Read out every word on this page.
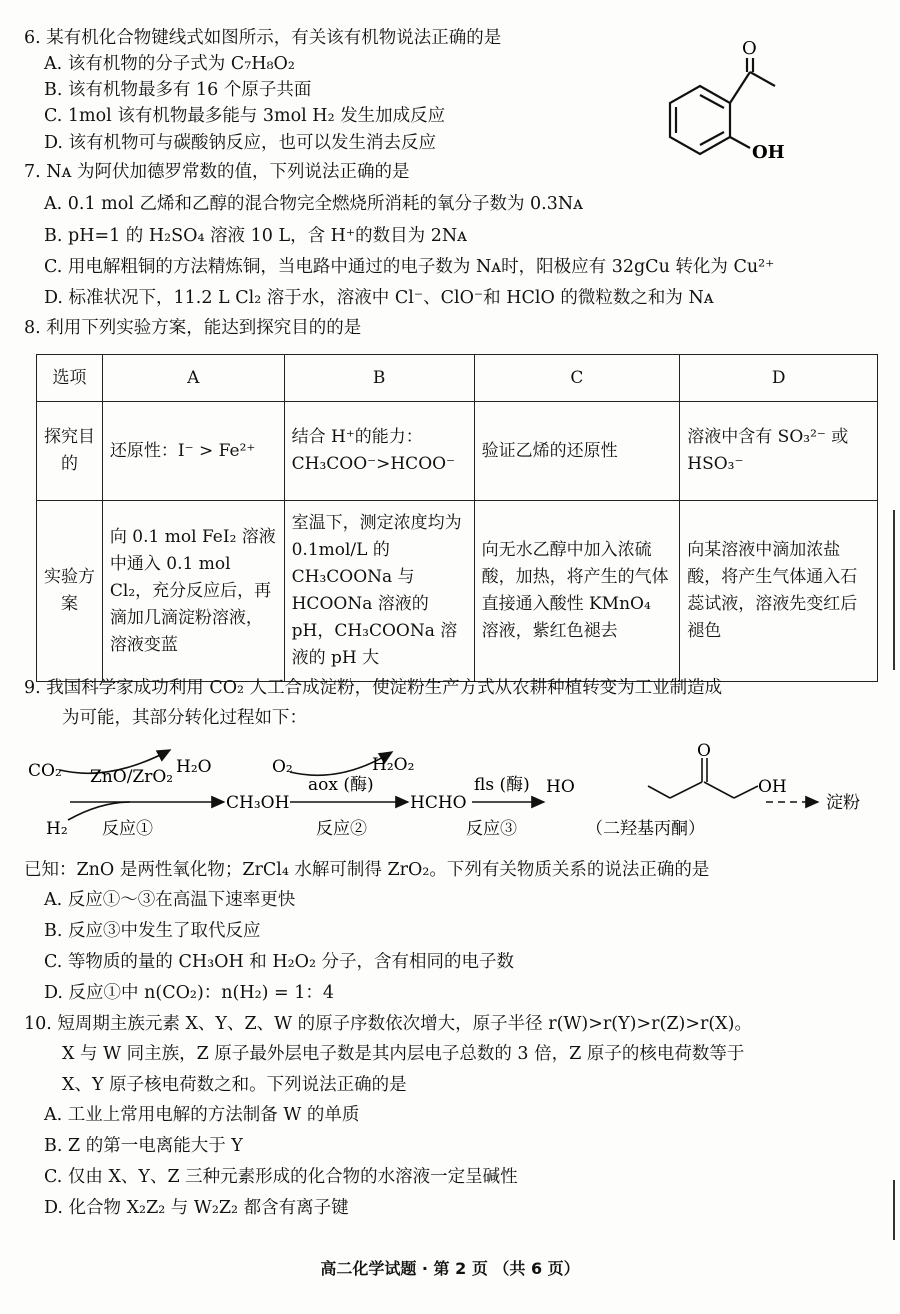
6. 某有机化合物键线式如图所示，有关该有机物说法正确的是
A. 该有机物的分子式为 C₇H₈O₂
B. 该有机物最多有 16 个原子共面
C. 1mol 该有机物最多能与 3mol H₂ 发生加成反应
D. 该有机物可与碳酸钠反应，也可以发生消去反应
O
OH
7. Nᴀ 为阿伏加德罗常数的值，下列说法正确的是
A. 0.1 mol 乙烯和乙醇的混合物完全燃烧所消耗的氧分子数为 0.3Nᴀ
B. pH=1 的 H₂SO₄ 溶液 10 L，含 H⁺的数目为 2Nᴀ
C. 用电解粗铜的方法精炼铜，当电路中通过的电子数为 Nᴀ时，阳极应有 32gCu 转化为 Cu²⁺
D. 标准状况下，11.2 L Cl₂ 溶于水，溶液中 Cl⁻、ClO⁻和 HClO 的微粒数之和为 Nᴀ
8. 利用下列实验方案，能达到探究目的的是
选项	A	B	C	D
探究目的	还原性：I⁻ > Fe²⁺	结合 H⁺的能力：CH₃COO⁻>HCOO⁻	验证乙烯的还原性	溶液中含有 SO₃²⁻ 或 HSO₃⁻
实验方案	向 0.1 mol FeI₂ 溶液中通入 0.1 mol Cl₂，充分反应后，再滴加几滴淀粉溶液，溶液变蓝	室温下，测定浓度均为 0.1mol/L 的 CH₃COONa 与 HCOONa 溶液的 pH，CH₃COONa 溶液的 pH 大	向无水乙醇中加入浓硫酸，加热，将产生的气体直接通入酸性 KMnO₄ 溶液，紫红色褪去	向某溶液中滴加浓盐酸，将产生气体通入石蕊试液，溶液先变红后褪色
9. 我国科学家成功利用 CO₂ 人工合成淀粉，使淀粉生产方式从农耕种植转变为工业制造成
为可能，其部分转化过程如下：
CO₂
H₂
ZnO/ZrO₂ H₂O
反应①
CH₃OH
O₂
aox (酶)
H₂O₂
反应②
HCHO
fls (酶)
反应③
HO
O
OH
（二羟基丙酮）
淀粉
已知：ZnO 是两性氧化物；ZrCl₄ 水解可制得 ZrO₂。下列有关物质关系的说法正确的是
A. 反应①～③在高温下速率更快
B. 反应③中发生了取代反应
C. 等物质的量的 CH₃OH 和 H₂O₂ 分子，含有相同的电子数
D. 反应①中 n(CO₂)：n(H₂) = 1：4
10. 短周期主族元素 X、Y、Z、W 的原子序数依次增大，原子半径 r(W)>r(Y)>r(Z)>r(X)。
X 与 W 同主族，Z 原子最外层电子数是其内层电子总数的 3 倍，Z 原子的核电荷数等于
X、Y 原子核电荷数之和。下列说法正确的是
A. 工业上常用电解的方法制备 W 的单质
B. Z 的第一电离能大于 Y
C. 仅由 X、Y、Z 三种元素形成的化合物的水溶液一定呈碱性
D. 化合物 X₂Z₂ 与 W₂Z₂ 都含有离子键
高二化学试题 · 第 2 页 （共 6 页）
